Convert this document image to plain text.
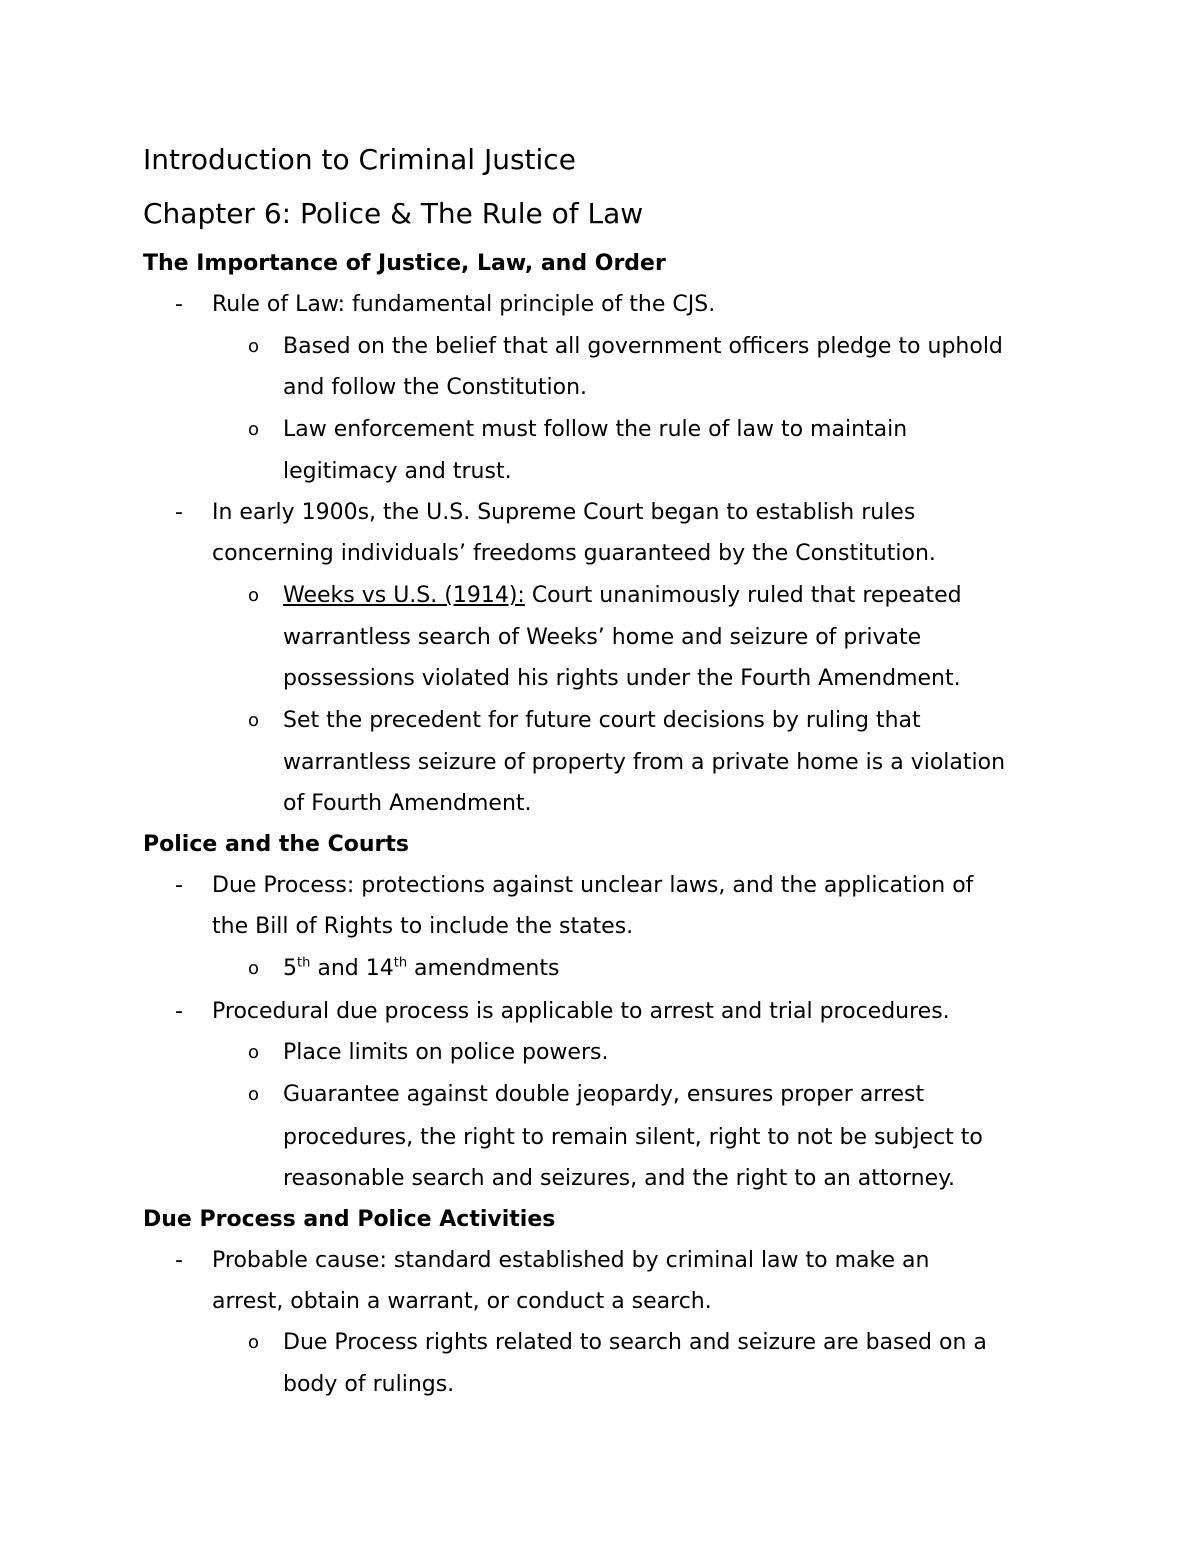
Introduction to Criminal Justice
Chapter 6: Police & The Rule of Law
The Importance of Justice, Law, and Order
- Rule of Law: fundamental principle of the CJS.
o Based on the belief that all government officers pledge to uphold
and follow the Constitution.
o Law enforcement must follow the rule of law to maintain
legitimacy and trust.
- In early 1900s, the U.S. Supreme Court began to establish rules
concerning individuals’ freedoms guaranteed by the Constitution.
o Weeks vs U.S. (1914): Court unanimously ruled that repeated
warrantless search of Weeks’ home and seizure of private
possessions violated his rights under the Fourth Amendment.
o Set the precedent for future court decisions by ruling that
warrantless seizure of property from a private home is a violation
of Fourth Amendment.
Police and the Courts
- Due Process: protections against unclear laws, and the application of
the Bill of Rights to include the states.
o 5th and 14th amendments
- Procedural due process is applicable to arrest and trial procedures.
o Place limits on police powers.
o Guarantee against double jeopardy, ensures proper arrest
procedures, the right to remain silent, right to not be subject to
reasonable search and seizures, and the right to an attorney.
Due Process and Police Activities
- Probable cause: standard established by criminal law to make an
arrest, obtain a warrant, or conduct a search.
o Due Process rights related to search and seizure are based on a
body of rulings.
